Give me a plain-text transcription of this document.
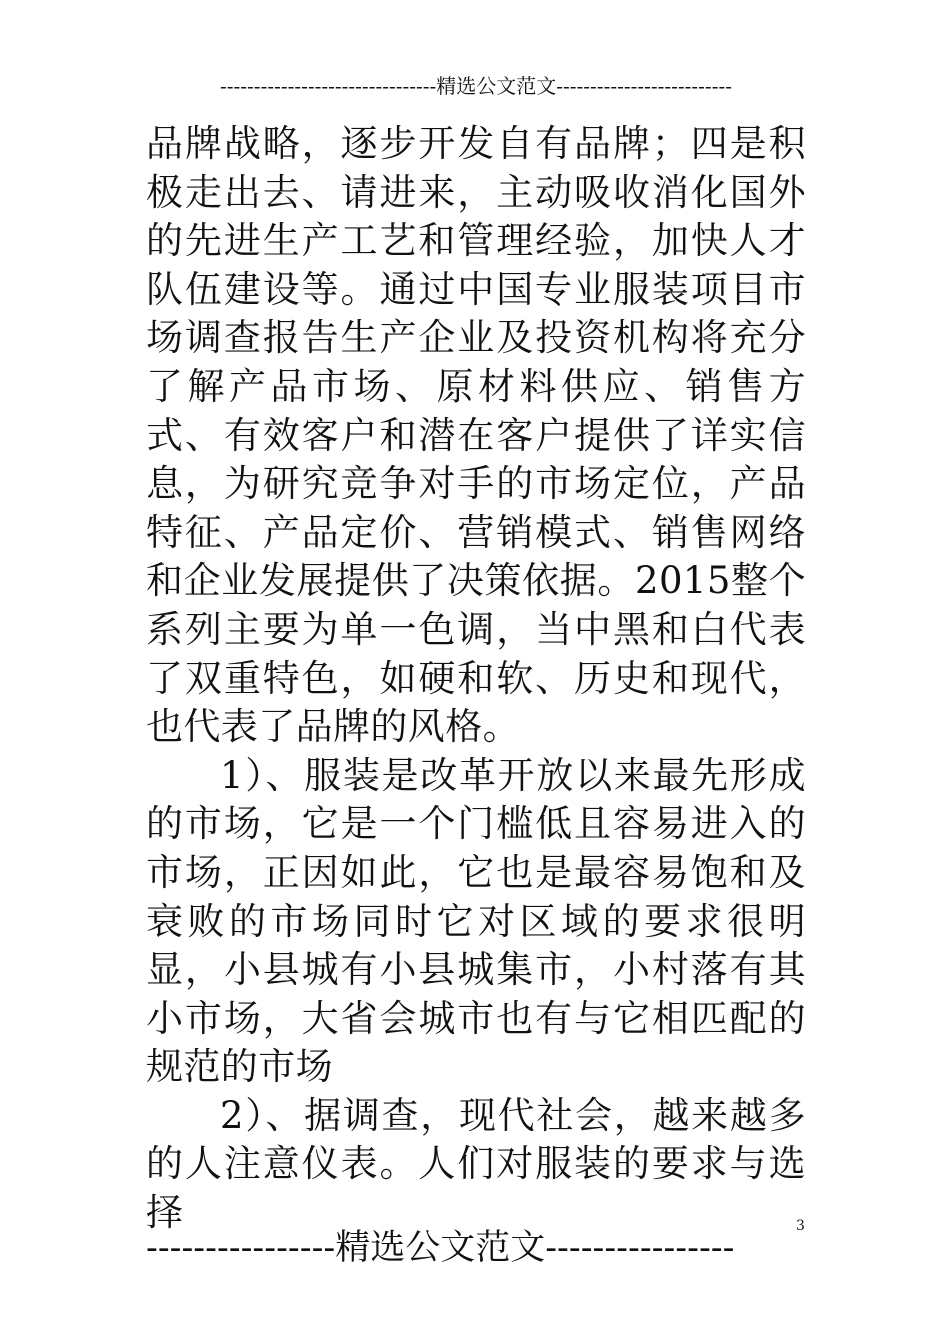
--------------------------------精选公文范文--------------------------

品牌战略，逐步开发自有品牌；四是积极走出去、请进来，主动吸收消化国外的先进生产工艺和管理经验，加快人才队伍建设等。通过中国专业服装项目市场调查报告生产企业及投资机构将充分了解产品市场、原材料供应、销售方式、有效客户和潜在客户提供了详实信息，为研究竞争对手的市场定位，产品特征、产品定价、营销模式、销售网络和企业发展提供了决策依据。2015整个系列主要为单一色调，当中黑和白代表了双重特色，如硬和软、历史和现代，也代表了品牌的风格。

1）、服装是改革开放以来最先形成的市场，它是一个门槛低且容易进入的市场，正因如此，它也是最容易饱和及衰败的市场同时它对区域的要求很明显，小县城有小县城集市，小村落有其小市场，大省会城市也有与它相匹配的规范的市场

2）、据调查，现代社会，越来越多的人注意仪表。人们对服装的要求与选择	3
----------------精选公文范文----------------
